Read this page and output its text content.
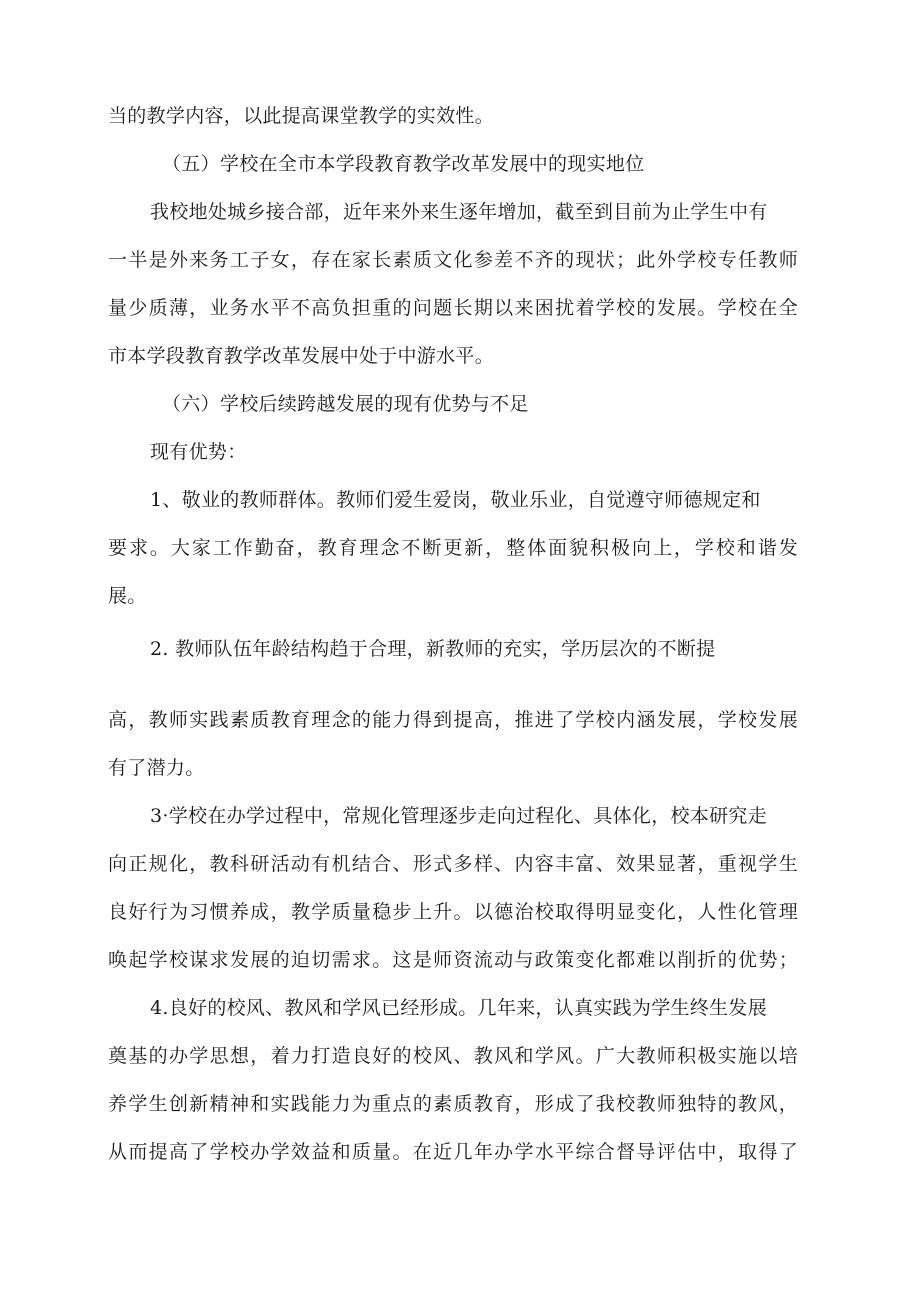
当的教学内容，以此提高课堂教学的实效性。
（五）学校在全市本学段教育教学改革发展中的现实地位
我校地处城乡接合部，近年来外来生逐年增加，截至到目前为止学生中有
一半是外来务工子女，存在家长素质文化参差不齐的现状；此外学校专任教师
量少质薄，业务水平不高负担重的问题长期以来困扰着学校的发展。学校在全
市本学段教育教学改革发展中处于中游水平。
（六）学校后续跨越发展的现有优势与不足
现有优势：
1、敬业的教师群体。教师们爱生爱岗，敬业乐业，自觉遵守师德规定和
要求。大家工作勤奋，教育理念不断更新，整体面貌积极向上，学校和谐发
展。
2. 教师队伍年龄结构趋于合理，新教师的充实，学历层次的不断提
高，教师实践素质教育理念的能力得到提高，推进了学校内涵发展，学校发展
有了潜力。
3·学校在办学过程中，常规化管理逐步走向过程化、具体化，校本研究走
向正规化，教科研活动有机结合、形式多样、内容丰富、效果显著，重视学生
良好行为习惯养成，教学质量稳步上升。以德治校取得明显变化，人性化管理
唤起学校谋求发展的迫切需求。这是师资流动与政策变化都难以削折的优势；
4.良好的校风、教风和学风已经形成。几年来，认真实践为学生终生发展
奠基的办学思想，着力打造良好的校风、教风和学风。广大教师积极实施以培
养学生创新精神和实践能力为重点的素质教育，形成了我校教师独特的教风，
从而提高了学校办学效益和质量。在近几年办学水平综合督导评估中，取得了
